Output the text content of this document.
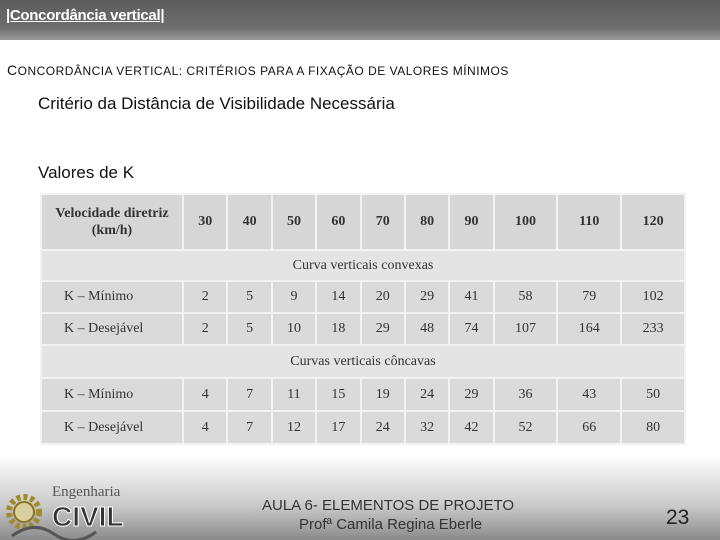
|Concordância vertical|
CONCORDÂNCIA VERTICAL: CRITÉRIOS PARA A FIXAÇÃO DE VALORES MÍNIMOS
Critério da Distância de Visibilidade Necessária
Valores de K
Velocidade diretriz
(km/h)	30	40	50	60	70	80	90	100	110	120
Curva verticais convexas										
K – Mínimo	2	5	9	14	20	29	41	58	79	102
K – Desejável	2	5	10	18	29	48	74	107	164	233
Curvas verticais côncavas										
K – Mínimo	4	7	11	15	19	24	29	36	43	50
K – Desejável	4	7	12	17	24	32	42	52	66	80
Engenharia
CIVIL	AULA 6- ELEMENTOS DE PROJETO
Profª Camila Regina Eberle	23
